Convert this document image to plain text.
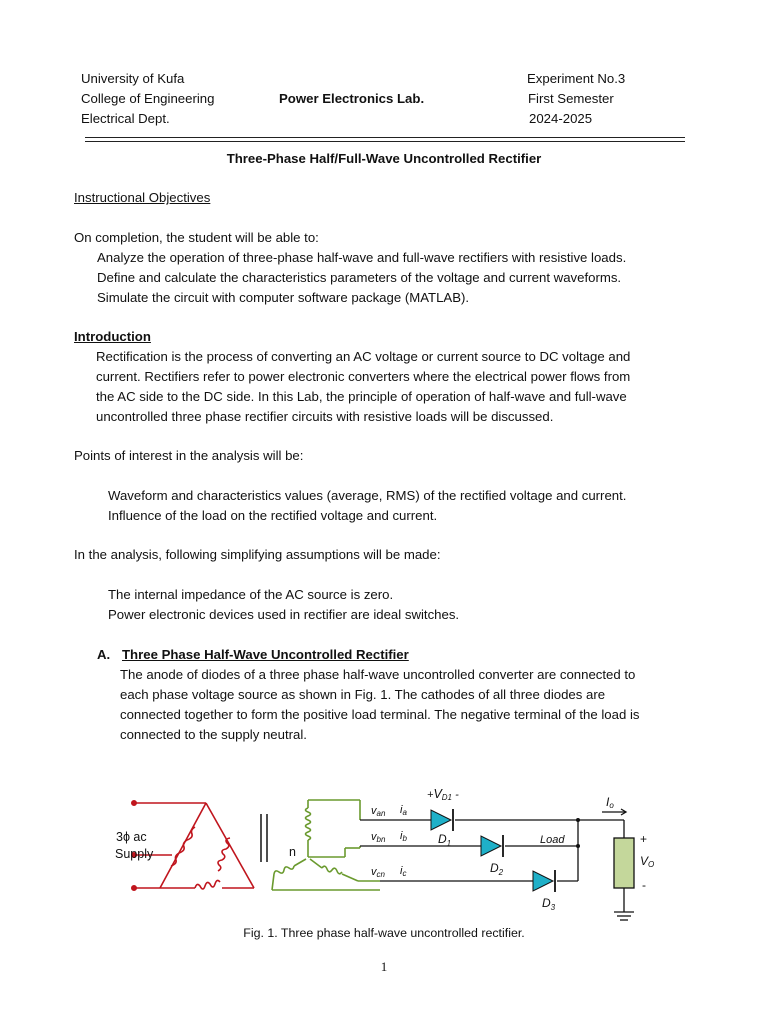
University of Kufa
College of Engineering
Electrical Dept.
Power Electronics Lab.
Experiment No.3
First Semester
2024-2025
Three-Phase Half/Full-Wave Uncontrolled Rectifier
Instructional Objectives
On completion, the student will be able to:
Analyze the operation of three-phase half-wave and full-wave rectifiers with resistive loads.
Define and calculate the characteristics parameters of the voltage and current waveforms.
Simulate the circuit with computer software package (MATLAB).
Introduction
Rectification is the process of converting an AC voltage or current source to DC voltage and
current. Rectifiers refer to power electronic converters where the electrical power flows from
the AC side to the DC side. In this Lab, the principle of operation of half-wave and full-wave
uncontrolled three phase rectifier circuits with resistive loads will be discussed.
Points of interest in the analysis will be:
Waveform and characteristics values (average, RMS) of the rectified voltage and current.
Influence of the load on the rectified voltage and current.
In the analysis, following simplifying assumptions will be made:
The internal impedance of the AC source is zero.
Power electronic devices used in rectifier are ideal switches.
A. Three Phase Half-Wave Uncontrolled Rectifier
The anode of diodes of a three phase half-wave uncontrolled converter are connected to
each phase voltage source as shown in Fig. 1. The cathodes of all three diodes are
connected together to form the positive load terminal. The negative terminal of the load is
connected to the supply neutral.
3ϕ ac
Supply	n
+VD1 -
van
vbn
vcn
ia
ib
ic
$D_1$
$D_2$
$D_3$
Load
Io
+
VO
-
Fig. 1. Three phase half-wave uncontrolled rectifier.
1
